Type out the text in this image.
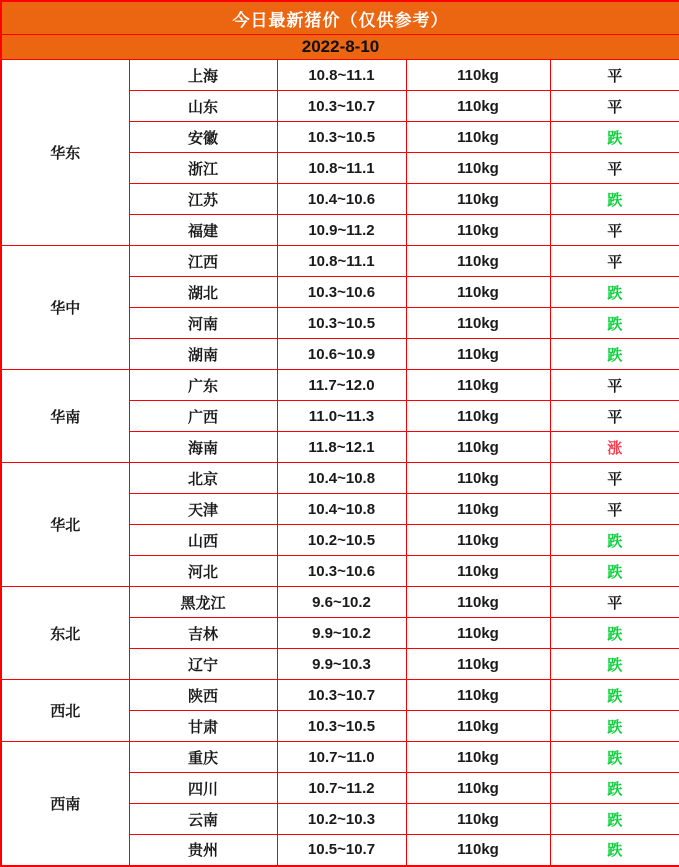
今日最新猪价（仅供参考）				
2022-8-10				
华东	上海	10.8~11.1	110kg	平
	山东	10.3~10.7	110kg	平
	安徽	10.3~10.5	110kg	跌
	浙江	10.8~11.1	110kg	平
	江苏	10.4~10.6	110kg	跌
	福建	10.9~11.2	110kg	平
华中	江西	10.8~11.1	110kg	平
	湖北	10.3~10.6	110kg	跌
	河南	10.3~10.5	110kg	跌
	湖南	10.6~10.9	110kg	跌
华南	广东	11.7~12.0	110kg	平
	广西	11.0~11.3	110kg	平
	海南	11.8~12.1	110kg	涨
华北	北京	10.4~10.8	110kg	平
	天津	10.4~10.8	110kg	平
	山西	10.2~10.5	110kg	跌
	河北	10.3~10.6	110kg	跌
东北	黑龙江	9.6~10.2	110kg	平
	吉林	9.9~10.2	110kg	跌
	辽宁	9.9~10.3	110kg	跌
西北	陕西	10.3~10.7	110kg	跌
	甘肃	10.3~10.5	110kg	跌
西南	重庆	10.7~11.0	110kg	跌
	四川	10.7~11.2	110kg	跌
	云南	10.2~10.3	110kg	跌
	贵州	10.5~10.7	110kg	跌
